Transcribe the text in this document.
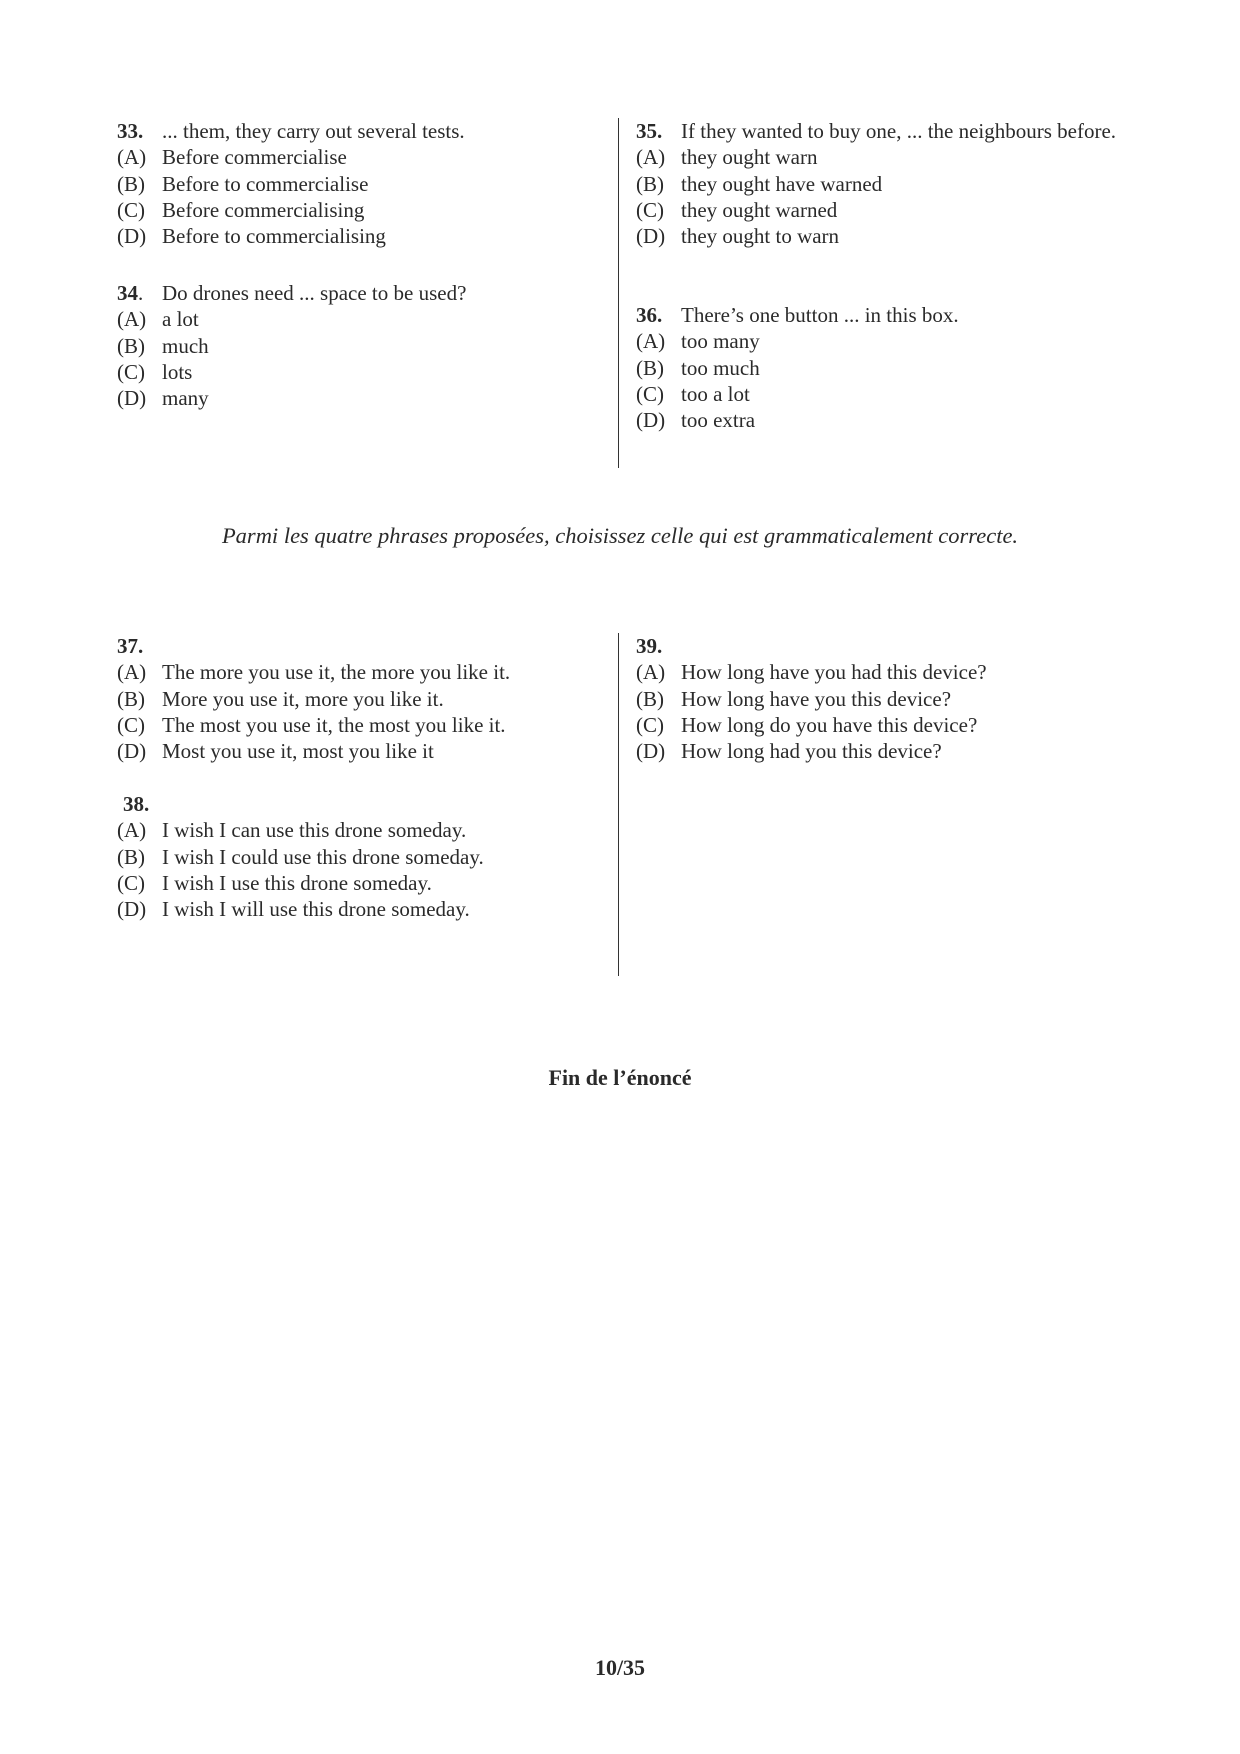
33. ... them, they carry out several tests.
(A) Before commercialise
(B) Before to commercialise
(C) Before commercialising
(D) Before to commercialising
34. Do drones need ... space to be used?
(A) a lot
(B) much
(C) lots
(D) many
35. If they wanted to buy one, ... the neighbours before.
(A) they ought warn
(B) they ought have warned
(C) they ought warned
(D) they ought to warn
36. There’s one button ... in this box.
(A) too many
(B) too much
(C) too a lot
(D) too extra
Parmi les quatre phrases proposées, choisissez celle qui est grammaticalement correcte.
37.

(A) The more you use it, the more you like it.
(B) More you use it, more you like it.
(C) The most you use it, the most you like it.
(D) Most you use it, most you like it
38.

(A) I wish I can use this drone someday.
(B) I wish I could use this drone someday.
(C) I wish I use this drone someday.
(D) I wish I will use this drone someday.
39.

(A) How long have you had this device?
(B) How long have you this device?
(C) How long do you have this device?
(D) How long had you this device?
Fin de l’énoncé
10/35
